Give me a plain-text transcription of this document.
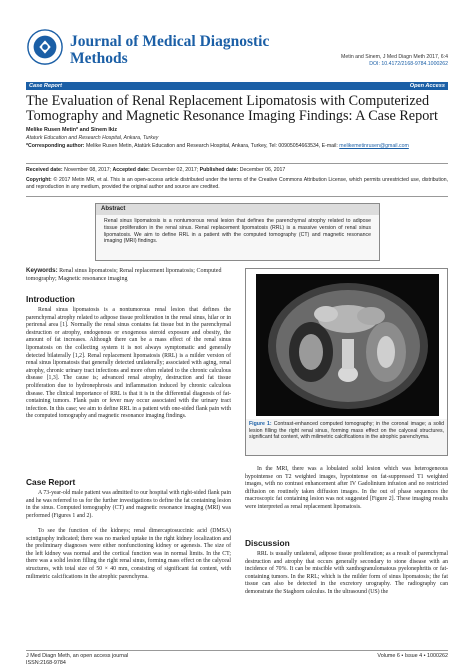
Journal of Medical Diagnostic Methods	Metin and Sinem, J Med Diagn Meth 2017, 6:4
DOI: 10.4172/2168-9784.1000262
Case Report	Open Access
The Evaluation of Renal Replacement Lipomatosis with Computerized Tomography and Magnetic Resonance Imaging Findings: A Case Report
Melike Rusen Metin* and Sinem Ikiz
Ataturk Education and Research Hospital, Ankara, Turkey
*Corresponding author: Melike Rusen Metin, Atatürk Education and Research Hospital, Ankara, Turkey, Tel: 00905054663534, E-mail: melikemetinrusen@gmail.com
Received date: November 08, 2017; Accepted date: December 02, 2017; Published date: December 06, 2017
Copyright: © 2017 Metin MR, et al. This is an open-access article distributed under the terms of the Creative Commons Attribution License, which permits unrestricted use, distribution, and reproduction in any medium, provided the original author and source are credited.
Abstract
Renal sinus lipomatosis is a nontumorous renal lesion that defines the parenchymal atrophy related to adipose tissue proliferation in the renal sinus. Renal replacement lipomatosis (RRL) is a massive version of renal sinus lipomatosis. We aim to define RRL in a patient with the computed tomography (CT) and magnetic resonance imaging (MRI) findings.
Keywords: Renal sinus lipomatosis; Renal replacement lipomatosis; Computed tomography; Magnetic resonance imaging
Introduction
Renal sinus lipomatosis is a nontumorous renal lesion that defines the parenchymal atrophy related to adipose tissue proliferation in the renal sinus, hilar or in perirenal area [1]. Normally the renal sinus contains fat tissue but in the parenchymal destruction or atrophy, endogenous or exogenous steroid exposure and obesity, the amount of fat increases. Although there can be a mass effect of the renal sinus lipomatosis on the collecting system it is not always symptomatic and generally detected bilaterally [1,2]. Renal replacement lipomatosis (RRL) is a milder version of renal sinus lipomatosis that generally detected unilaterally; associated with aging, renal atrophy, chronic urinary tract infections and more often related to the chronic calculous disease [1,3]. The cause is; advanced renal atrophy, destruction and fat tissue proliferation due to hydronephrosis and inflammation induced by chronic calculous disease. The clinical importance of RRL is that it is in the differential diagnosis of fat-containing tumors. Flank pain or fever may occur associated with the urinary tract infection. In this case; we aim to define RRL in a patient with one-sided flank pain with the computed tomography and magnetic resonance imaging findings.
Case Report
A 73-year-old male patient was admitted to our hospital with right-sided flank pain and he was referred to us for the further investigations to define the fat containing lesion in the sinus. Computed tomography (CT) and magnetic resonance imaging (MRI) was performed (Figures 1 and 2).
To see the function of the kidneys; renal dimercaptosuccinic acid (DMSA) scintigraphy indicated; there was no marked uptake in the right kidney localization and the preliminary diagnoses were either nonfunctioning kidney or agenesis. The size of the left kidney was normal and the cortical function was in normal limits. In the CT; there was a solid lesion filling the right renal sinus, forming mass effect on the calyceal structures, with total size of 50 × 40 mm, consisting of significant fat content, with milimetric calcifications in the atrophic parenchyma.
Figure 1: Contrast-enhanced computed tomography; in the coronal image; a solid lesion filling the right renal sinus, forming mass effect on the calyceal structures, significant fat content, with milimetric calcifications in the atrophic parenchyma.
In the MRI, there was a lobulated solid lesion which was heterogeneous hypointense on T2 weighted images, hypointense on fat-suppressed T1 weighted images, with no contrast enhancement after IV Gadolinium infusion and no restricted diffusion on routinely taken diffusion images. In the out of phase sequences the macroscopic fat containing lesion was not suggested [Figure 2]. These imaging results were interpreted as renal replacement lipomatosis.
Discussion
RRL is usually unilateral, adipose tissue proliferation; as a result of parenchymal destruction and atrophy that occurs generally secondary to stone disease with an incidence of 70%. It can be miscible with xanthogranulomatous pyelonephritis or fat-containing tumors. In the RRL; which is the milder form of sinus lipomatosis; the fat tissue can also be detected in the excretory urography. The radiography can demonstrate the Staghorn calculus. In the ultrasound (US) the
J Med Diagn Meth, an open access journal
ISSN:2168-9784
Volume 6 • Issue 4 • 1000262
